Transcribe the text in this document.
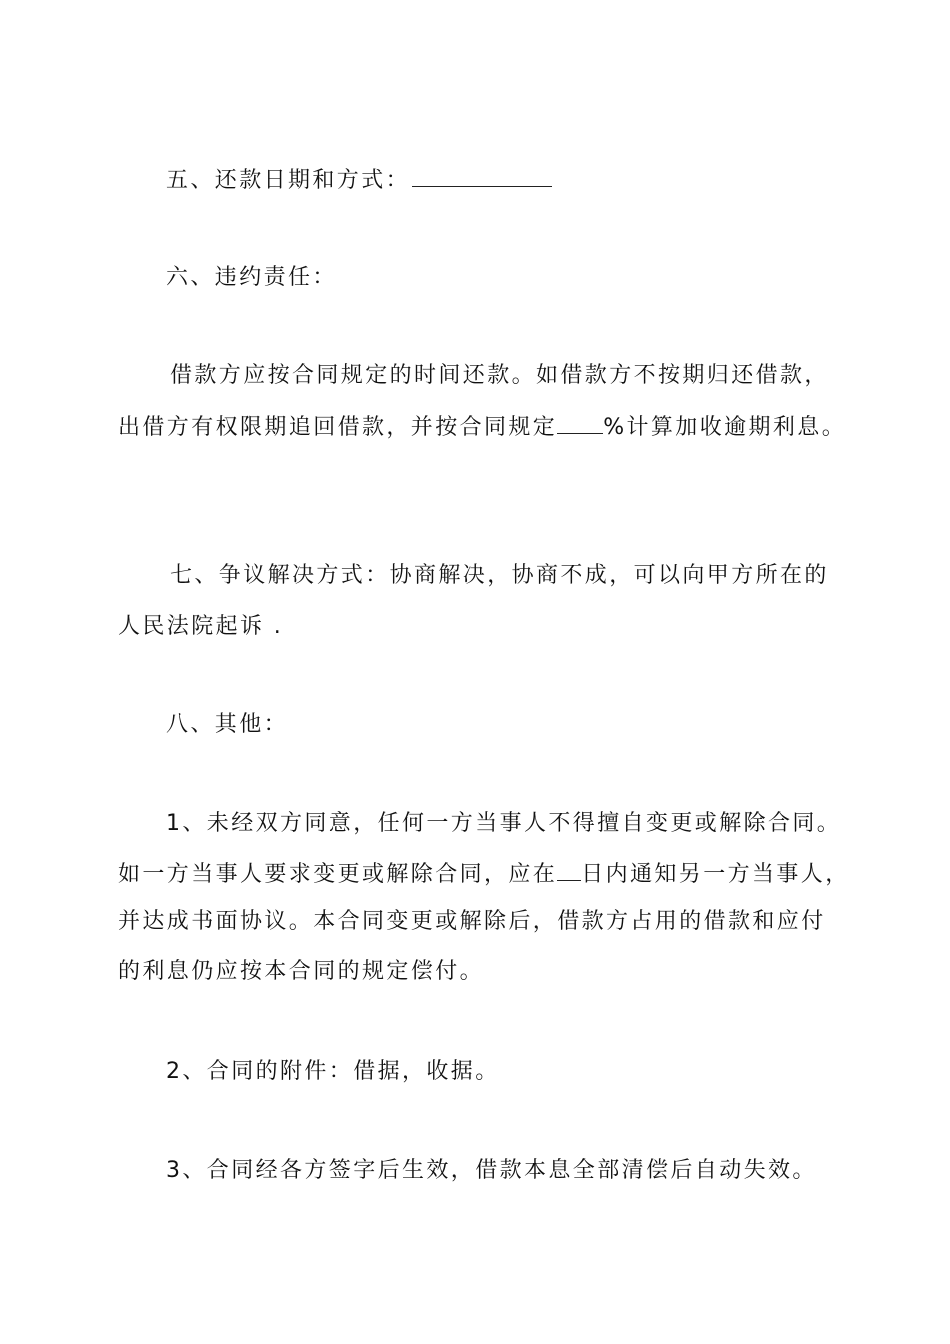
五、还款日期和方式：
六、违约责任：
借款方应按合同规定的时间还款。如借款方不按期归还借款，
出借方有权限期追回借款，并按合同规定 %计算加收逾期利息。
七、争议解决方式：协商解决，协商不成，可以向甲方所在的
人民法院起诉 .
八、其他：
1、未经双方同意，任何一方当事人不得擅自变更或解除合同。
如一方当事人要求变更或解除合同，应在 日内通知另一方当事人，
并达成书面协议。本合同变更或解除后，借款方占用的借款和应付
的利息仍应按本合同的规定偿付。
2、合同的附件：借据，收据。
3、合同经各方签字后生效，借款本息全部清偿后自动失效。
